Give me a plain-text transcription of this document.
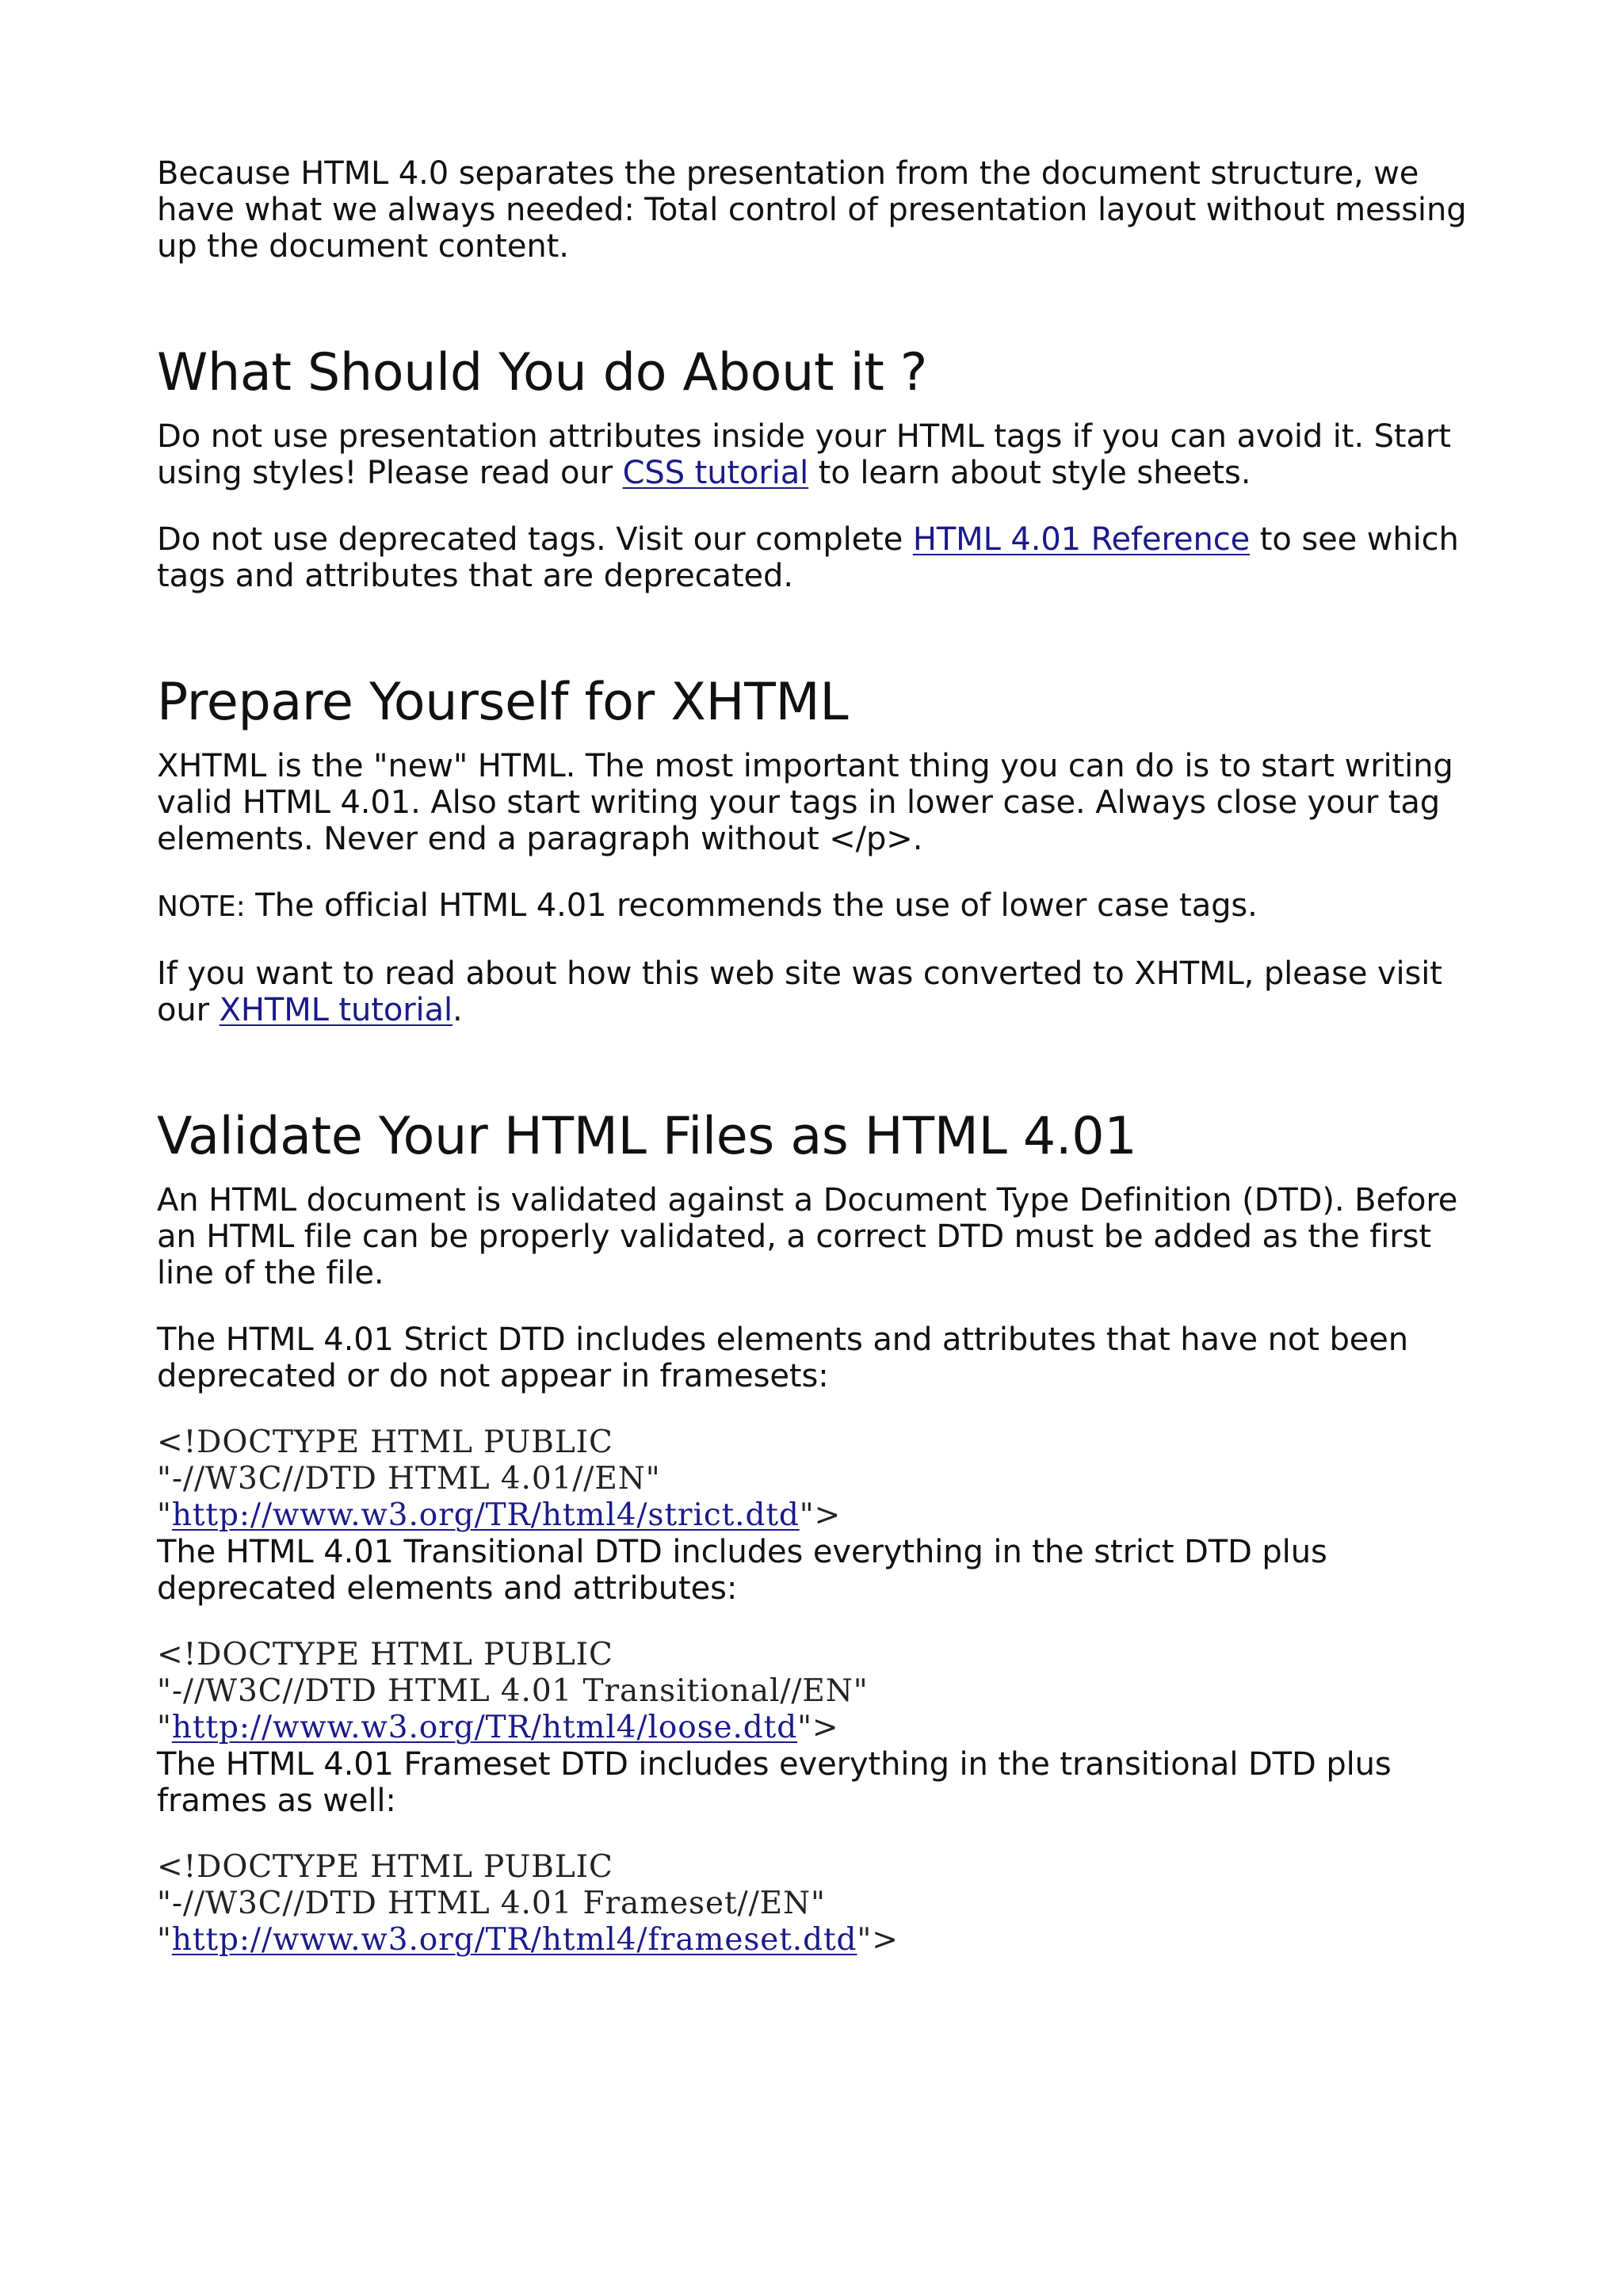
Because HTML 4.0 separates the presentation from the document structure, we have what we always needed: Total control of presentation layout without messing up the document content.

What Should You do About it ?

Do not use presentation attributes inside your HTML tags if you can avoid it. Start using styles! Please read our CSS tutorial to learn about style sheets.

Do not use deprecated tags. Visit our complete HTML 4.01 Reference to see which tags and attributes that are deprecated.

Prepare Yourself for XHTML

XHTML is the "new" HTML. The most important thing you can do is to start writing valid HTML 4.01. Also start writing your tags in lower case. Always close your tag elements. Never end a paragraph without </p>.

NOTE: The official HTML 4.01 recommends the use of lower case tags.

If you want to read about how this web site was converted to XHTML, please visit our XHTML tutorial.

Validate Your HTML Files as HTML 4.01

An HTML document is validated against a Document Type Definition (DTD). Before an HTML file can be properly validated, a correct DTD must be added as the first line of the file.

The HTML 4.01 Strict DTD includes elements and attributes that have not been deprecated or do not appear in framesets:

<!DOCTYPE HTML PUBLIC
"-//W3C//DTD HTML 4.01//EN"
"http://www.w3.org/TR/html4/strict.dtd">

The HTML 4.01 Transitional DTD includes everything in the strict DTD plus deprecated elements and attributes:

<!DOCTYPE HTML PUBLIC
"-//W3C//DTD HTML 4.01 Transitional//EN"
"http://www.w3.org/TR/html4/loose.dtd">

The HTML 4.01 Frameset DTD includes everything in the transitional DTD plus frames as well:

<!DOCTYPE HTML PUBLIC
"-//W3C//DTD HTML 4.01 Frameset//EN"
"http://www.w3.org/TR/html4/frameset.dtd">
